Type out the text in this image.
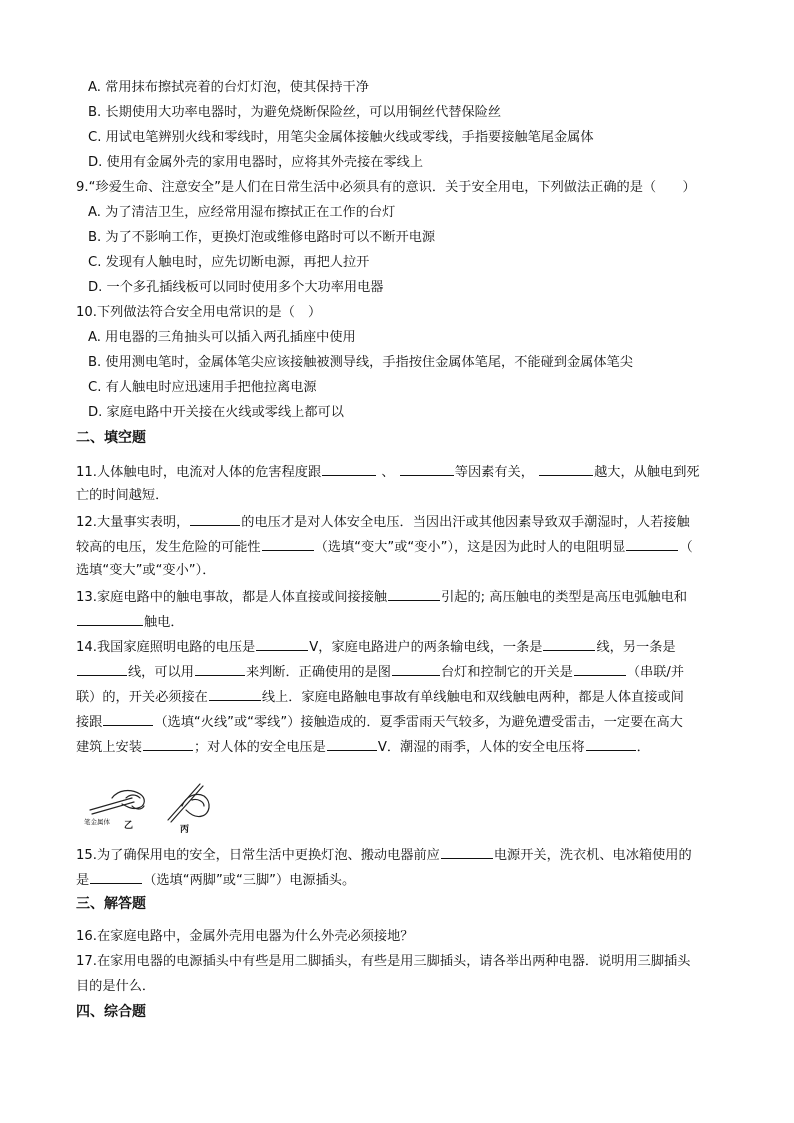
A. 常用抹布擦拭亮着的台灯灯泡，使其保持干净
B. 长期使用大功率电器时，为避免烧断保险丝，可以用铜丝代替保险丝
C. 用试电笔辨别火线和零线时，用笔尖金属体接触火线或零线，手指要接触笔尾金属体
D. 使用有金属外壳的家用电器时，应将其外壳接在零线上
9.“珍爱生命、注意安全”是人们在日常生活中必须具有的意识．关于安全用电，下列做法正确的是（　　）
A. 为了清洁卫生，应经常用湿布擦拭正在工作的台灯
B. 为了不影响工作，更换灯泡或维修电路时可以不断开电源
C. 发现有人触电时，应先切断电源，再把人拉开
D. 一个多孔插线板可以同时使用多个大功率用电器
10.下列做法符合安全用电常识的是（　）
A. 用电器的三角抽头可以插入两孔插座中使用
B. 使用测电笔时，金属体笔尖应该接触被测导线，手指按住金属体笔尾，不能碰到金属体笔尖
C. 有人触电时应迅速用手把他拉离电源
D. 家庭电路中开关接在火线或零线上都可以
二、填空题
11.人体触电时，电流对人体的危害程度跟	、	等因素有关，	越大，从触电到死
亡的时间越短．
12.大量事实表明，	的电压才是对人体安全电压．当因出汗或其他因素导致双手潮湿时，人若接触
较高的电压，发生危险的可能性	（选填“变大”或“变小”），这是因为此时人的电阻明显	（
选填“变大”或“变小”）．
13.家庭电路中的触电事故，都是人体直接或间接接触	引起的; 高压触电的类型是高压电弧触电和
触电．
14.我国家庭照明电路的电压是	V，家庭电路进户的两条输电线，一条是	线，另一条是
线，可以用	来判断．正确使用的是图	台灯和控制它的开关是	（串联/并
联）的，开关必须接在	线上．家庭电路触电事故有单线触电和双线触电两种，都是人体直接或间
接跟	（选填“火线”或“零线”）接触造成的．夏季雷雨天气较多，为避免遭受雷击，一定要在高大
建筑上安装	；对人体的安全电压是	V．潮湿的雨季，人体的安全电压将	．
笔金属体 乙	丙
15.为了确保用电的安全，日常生活中更换灯泡、搬动电器前应	电源开关，洗衣机、电冰箱使用的
是	（选填“两脚”或“三脚”）电源插头。
三、解答题
16.在家庭电路中，金属外壳用电器为什么外壳必须接地？
17.在家用电器的电源插头中有些是用二脚插头，有些是用三脚插头，请各举出两种电器．说明用三脚插头
目的是什么．
四、综合题
